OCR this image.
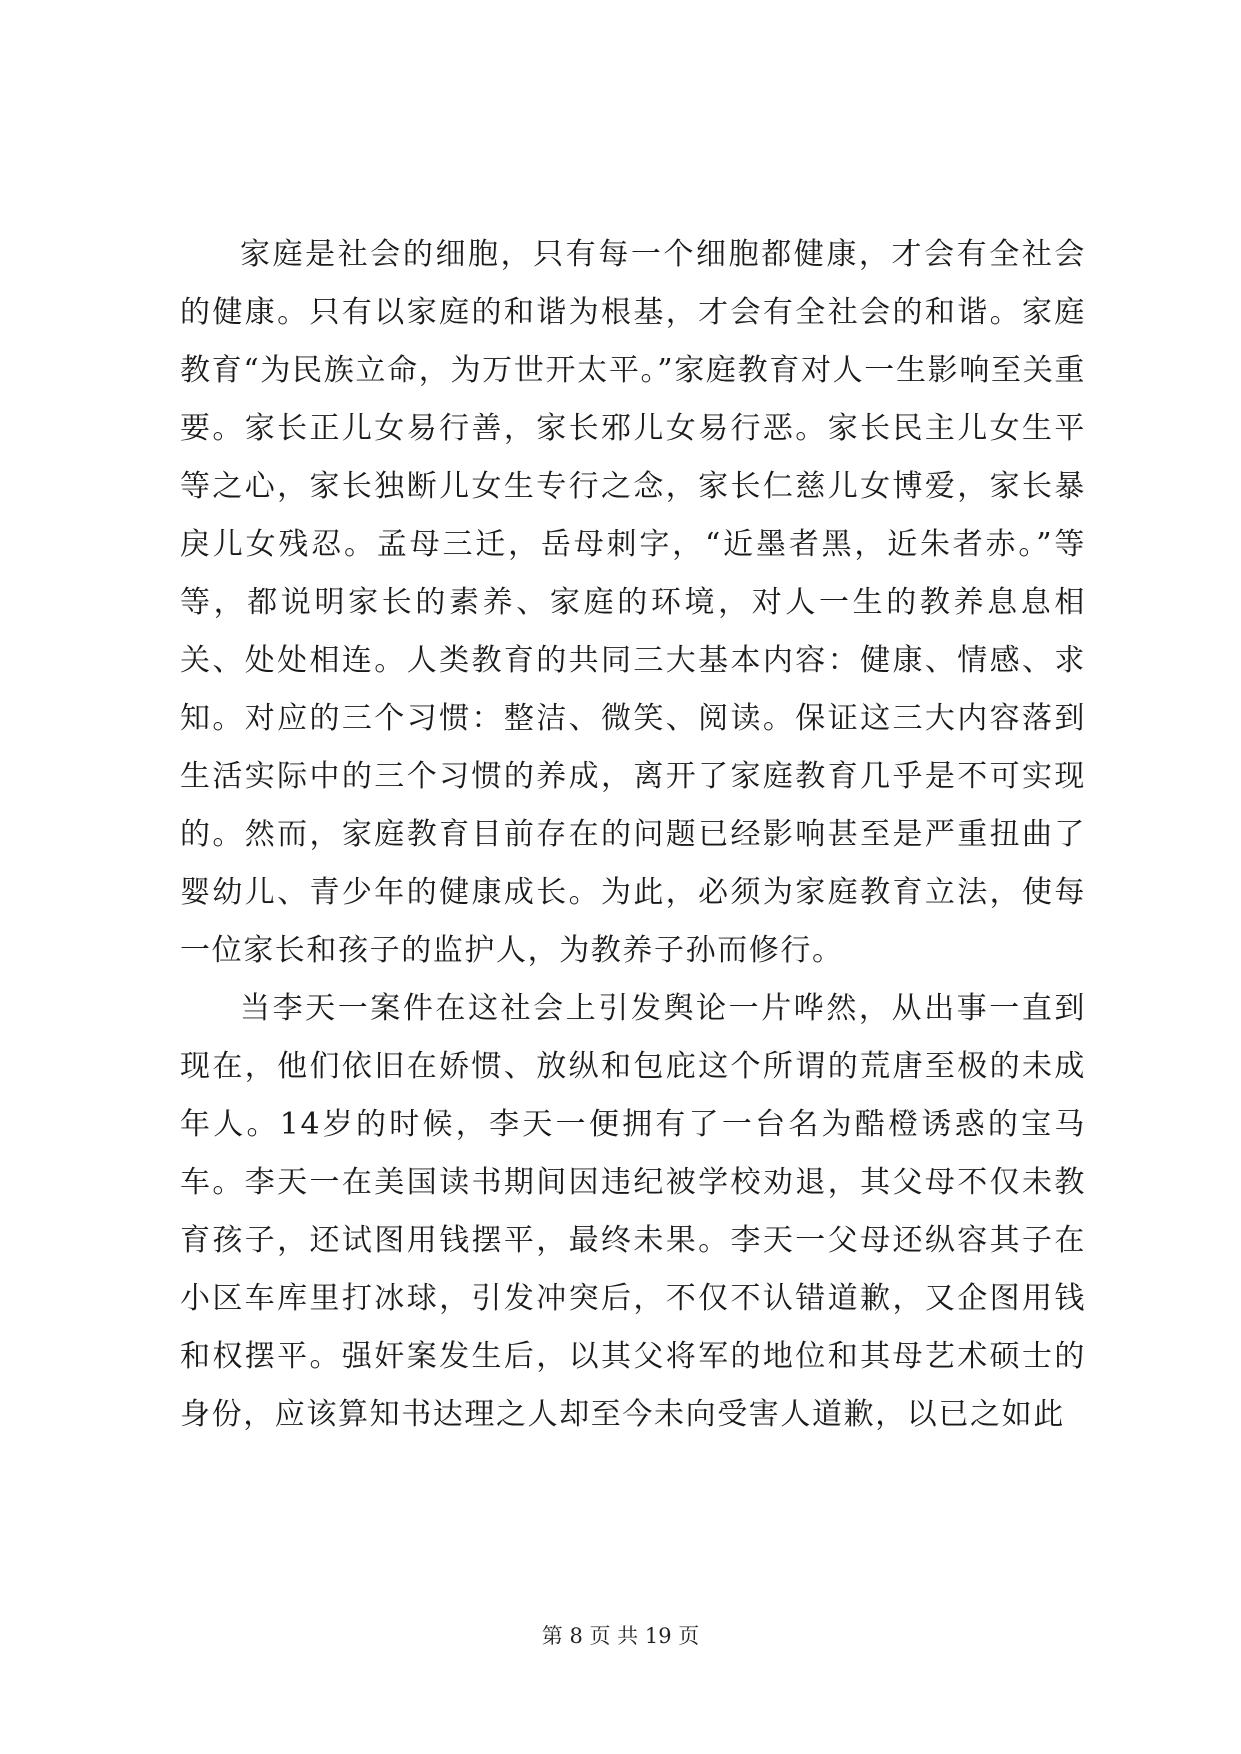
家庭是社会的细胞，只有每一个细胞都健康，才会有全社会的健康。只有以家庭的和谐为根基，才会有全社会的和谐。家庭教育“为民族立命，为万世开太平。”家庭教育对人一生影响至关重要。家长正儿女易行善，家长邪儿女易行恶。家长民主儿女生平等之心，家长独断儿女生专行之念，家长仁慈儿女博爱，家长暴戾儿女残忍。孟母三迁，岳母刺字，“近墨者黑，近朱者赤。”等等，都说明家长的素养、家庭的环境，对人一生的教养息息相关、处处相连。人类教育的共同三大基本内容：健康、情感、求知。对应的三个习惯：整洁、微笑、阅读。保证这三大内容落到生活实际中的三个习惯的养成，离开了家庭教育几乎是不可实现的。然而，家庭教育目前存在的问题已经影响甚至是严重扭曲了婴幼儿、青少年的健康成长。为此，必须为家庭教育立法，使每一位家长和孩子的监护人，为教养子孙而修行。

当李天一案件在这社会上引发舆论一片哗然，从出事一直到现在，他们依旧在娇惯、放纵和包庇这个所谓的荒唐至极的未成年人。14岁的时候，李天一便拥有了一台名为酷橙诱惑的宝马车。李天一在美国读书期间因违纪被学校劝退，其父母不仅未教育孩子，还试图用钱摆平，最终未果。李天一父母还纵容其子在小区车库里打冰球，引发冲突后，不仅不认错道歉，又企图用钱和权摆平。强奸案发生后，以其父将军的地位和其母艺术硕士的身份，应该算知书达理之人却至今未向受害人道歉，以已之如此

第 8 页 共 19 页
